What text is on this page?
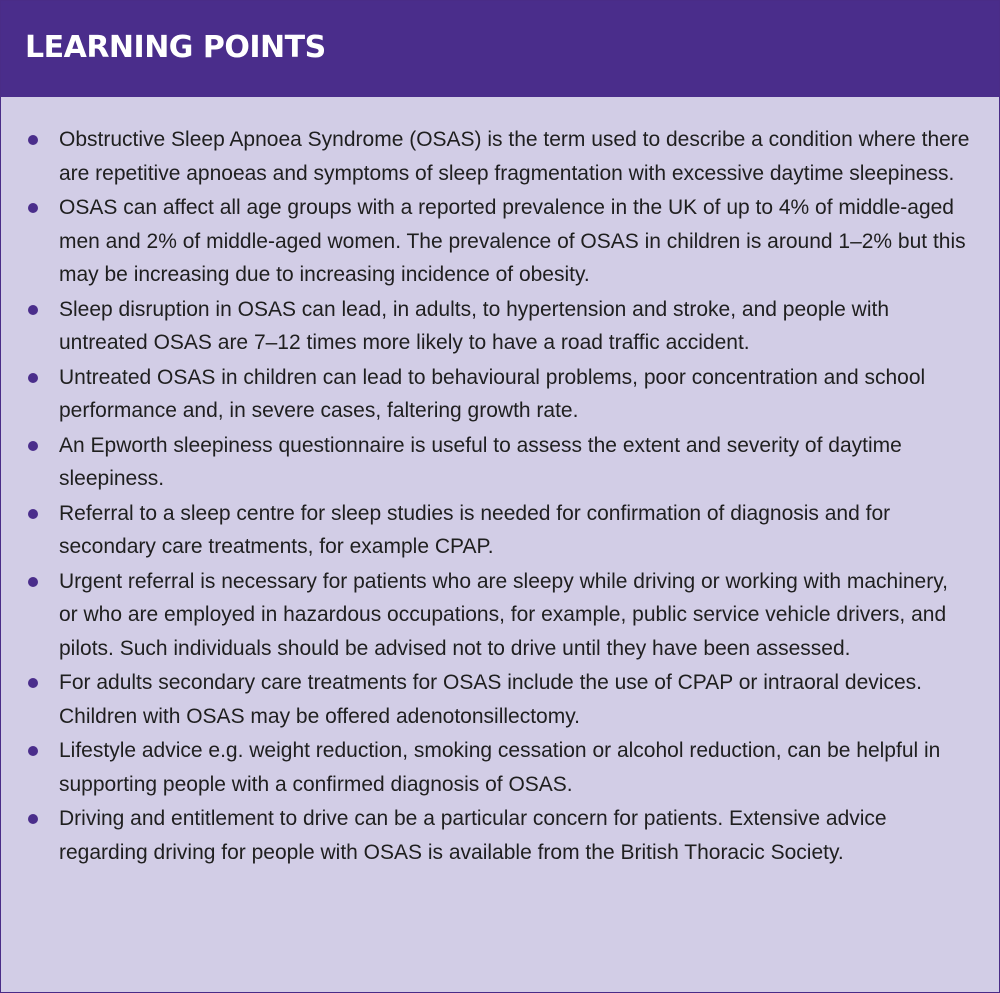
LEARNING POINTS
Obstructive Sleep Apnoea Syndrome (OSAS) is the term used to describe a condition where there are repetitive apnoeas and symptoms of sleep fragmentation with excessive daytime sleepiness.
OSAS can affect all age groups with a reported prevalence in the UK of up to 4% of middle-aged men and 2% of middle-aged women. The prevalence of OSAS in children is around 1–2% but this may be increasing due to increasing incidence of obesity.
Sleep disruption in OSAS can lead, in adults, to hypertension and stroke, and people with untreated OSAS are 7–12 times more likely to have a road traffic accident.
Untreated OSAS in children can lead to behavioural problems, poor concentration and school performance and, in severe cases, faltering growth rate.
An Epworth sleepiness questionnaire is useful to assess the extent and severity of daytime sleepiness.
Referral to a sleep centre for sleep studies is needed for confirmation of diagnosis and for secondary care treatments, for example CPAP.
Urgent referral is necessary for patients who are sleepy while driving or working with machinery, or who are employed in hazardous occupations, for example, public service vehicle drivers, and pilots. Such individuals should be advised not to drive until they have been assessed.
For adults secondary care treatments for OSAS include the use of CPAP or intraoral devices. Children with OSAS may be offered adenotonsillectomy.
Lifestyle advice e.g. weight reduction, smoking cessation or alcohol reduction, can be helpful in supporting people with a confirmed diagnosis of OSAS.
Driving and entitlement to drive can be a particular concern for patients. Extensive advice regarding driving for people with OSAS is available from the British Thoracic Society.
